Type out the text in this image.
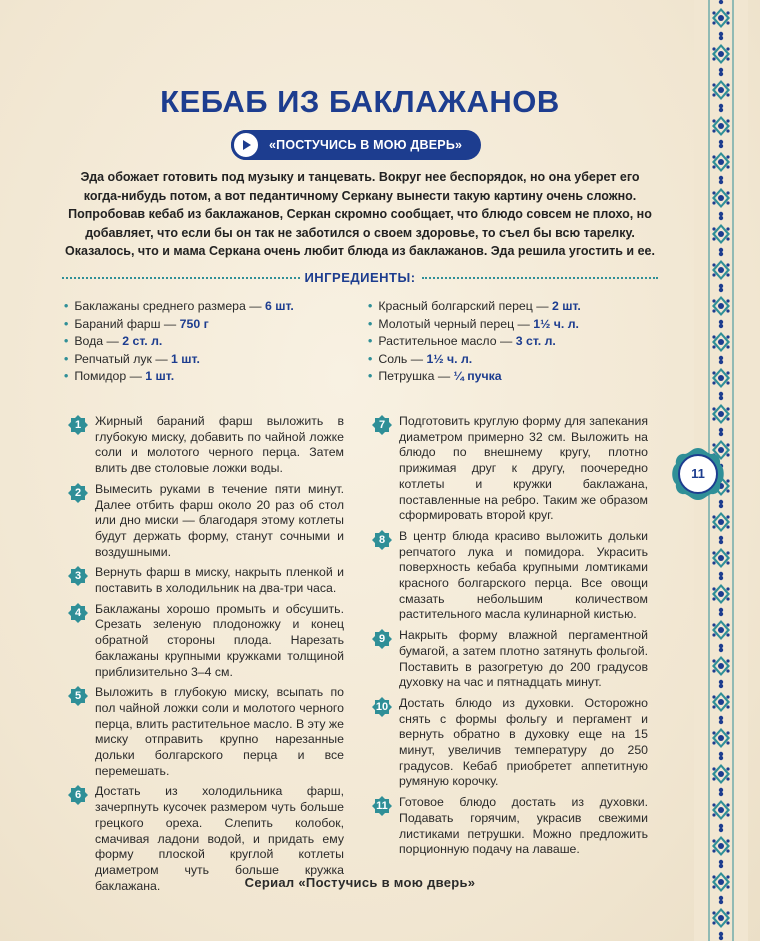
11
КЕБАБ ИЗ БАКЛАЖАНОВ
«ПОСТУЧИСЬ В МОЮ ДВЕРЬ»
Эда обожает готовить под музыку и танцевать. Вокруг нее беспорядок, но она уберет его когда-нибудь потом, а вот педантичному Серкану вынести такую картину очень сложно. Попробовав кебаб из баклажанов, Серкан скромно сообщает, что блюдо совсем не плохо, но добавляет, что если бы он так не заботился о своем здоровье, то съел бы всю тарелку. Оказалось, что и мама Серкана очень любит блюда из баклажанов. Эда решила угостить и ее.
ИНГРЕДИЕНТЫ:
• Баклажаны среднего размера — 6 шт.
• Бараний фарш — 750 г
• Вода — 2 ст. л.
• Репчатый лук — 1 шт.
• Помидор — 1 шт.
• Красный болгарский перец — 2 шт.
• Молотый черный перец — 1½ ч. л.
• Растительное масло — 3 ст. л.
• Соль — 1½ ч. л.
• Петрушка — ¼ пучка
1	Жирный бараний фарш выложить в глубокую миску, добавить по чайной ложке соли и молотого черного перца. Затем влить две столовые ложки воды.
2	Вымесить руками в течение пяти минут. Далее отбить фарш около 20 раз об стол или дно миски — благодаря этому котлеты будут держать форму, станут сочными и воздушными.
3	Вернуть фарш в миску, накрыть пленкой и поставить в холодильник на два-три часа.
4	Баклажаны хорошо промыть и обсушить. Срезать зеленую плодоножку и конец обратной стороны плода. Нарезать баклажаны крупными кружками толщиной приблизительно 3–4 см.
5	Выложить в глубокую миску, всыпать по пол чайной ложки соли и молотого черного перца, влить растительное масло. В эту же миску отправить крупно нарезанные дольки болгарского перца и все перемешать.
6	Достать из холодильника фарш, зачерпнуть кусочек размером чуть больше грецкого ореха. Слепить колобок, смачивая ладони водой, и придать ему форму плоской круглой котлеты диаметром чуть больше кружка баклажана.
7	Подготовить круглую форму для запекания диаметром примерно 32 см. Выложить на блюдо по внешнему кругу, плотно прижимая друг к другу, поочередно котлеты и кружки баклажана, поставленные на ребро. Таким же образом сформировать второй круг.
8	В центр блюда красиво выложить дольки репчатого лука и помидора. Украсить поверхность кебаба крупными ломтиками красного болгарского перца. Все овощи смазать небольшим количеством растительного масла кулинарной кистью.
9	Накрыть форму влажной пергаментной бумагой, а затем плотно затянуть фольгой. Поставить в разогретую до 200 градусов духовку на час и пятнадцать минут.
10 Достать блюдо из духовки. Осторожно снять с формы фольгу и пергамент и вернуть обратно в духовку еще на 15 минут, увеличив температуру до 250 градусов. Кебаб приобретет аппетитную румяную корочку.
11 Готовое блюдо достать из духовки. Подавать горячим, украсив свежими листиками петрушки. Можно предложить порционную подачу на лаваше.
Сериал «Постучись в мою дверь»
